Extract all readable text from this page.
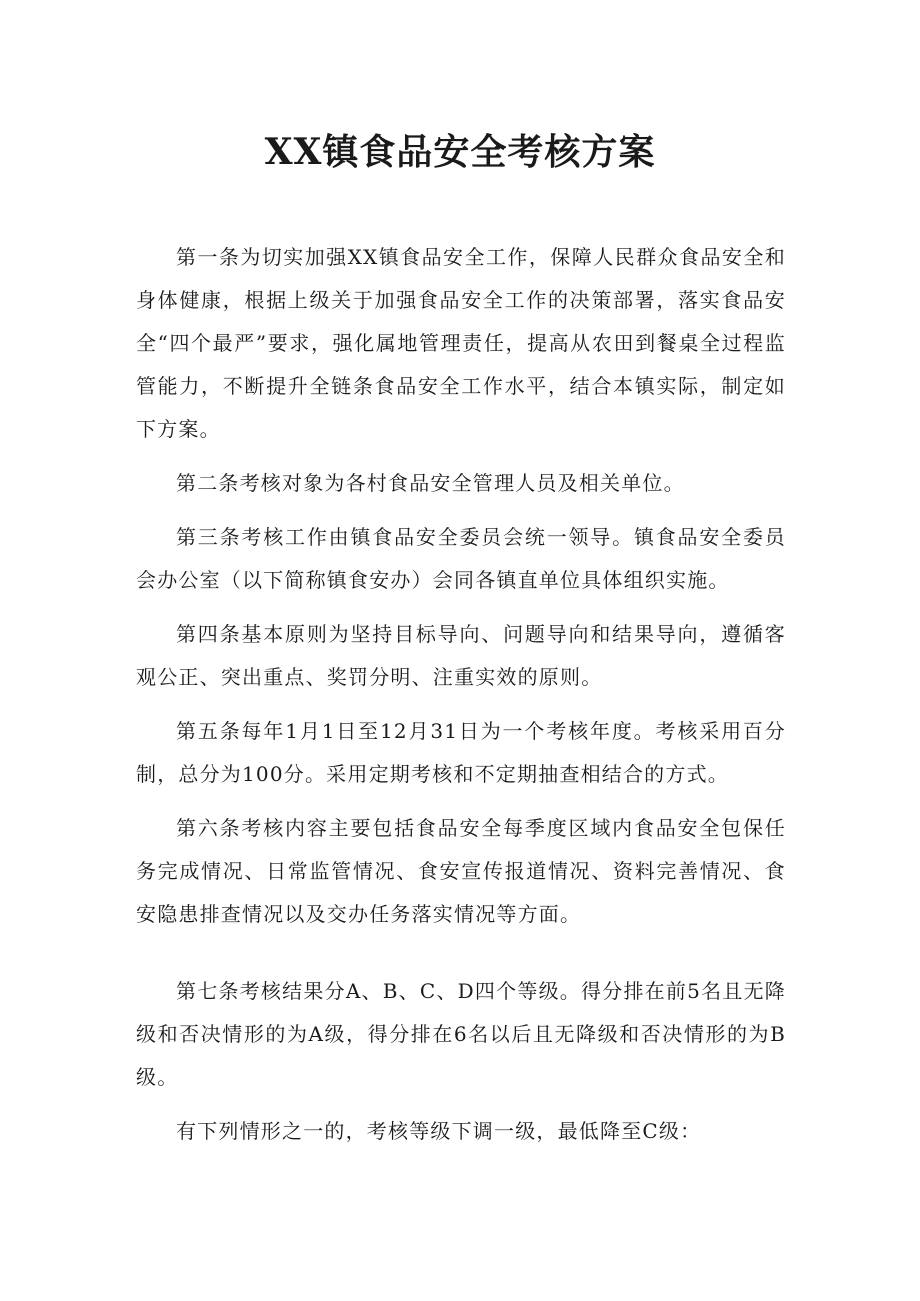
XX镇食品安全考核方案

第一条为切实加强XX镇食品安全工作，保障人民群众食品安全和身体健康，根据上级关于加强食品安全工作的决策部署，落实食品安全“四个最严”要求，强化属地管理责任，提高从农田到餐桌全过程监管能力，不断提升全链条食品安全工作水平，结合本镇实际，制定如下方案。

第二条考核对象为各村食品安全管理人员及相关单位。

第三条考核工作由镇食品安全委员会统一领导。镇食品安全委员会办公室（以下简称镇食安办）会同各镇直单位具体组织实施。

第四条基本原则为坚持目标导向、问题导向和结果导向，遵循客观公正、突出重点、奖罚分明、注重实效的原则。

第五条每年1月1日至12月31日为一个考核年度。考核采用百分制，总分为100分。采用定期考核和不定期抽查相结合的方式。

第六条考核内容主要包括食品安全每季度区域内食品安全包保任务完成情况、日常监管情况、食安宣传报道情况、资料完善情况、食安隐患排查情况以及交办任务落实情况等方面。

第七条考核结果分A、B、C、D四个等级。得分排在前5名且无降级和否决情形的为A级，得分排在6名以后且无降级和否决情形的为B级。

有下列情形之一的，考核等级下调一级，最低降至C级：
